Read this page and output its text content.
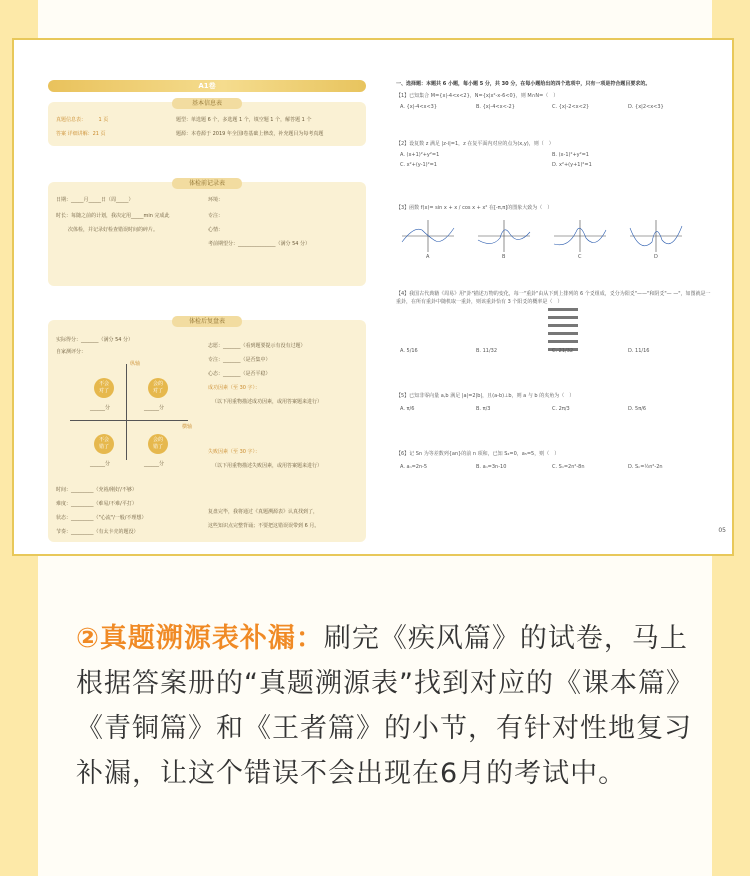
A1卷
基本信息表
真题信息表：　　　1 页	题型：单选题 6 个，多选题 1 个，填空题 1 个，解答题 1 个
答案 详细讲解：21 页	题源：本卷源于 2019 年全国Ⅰ卷基础上修改，补充题目为每考真题
体检前记录表
日期：_____月_____日（周_____）
时长：每随之前的计划，我决定用_____min 完成此
次体检，并记录好检查错误时间的碎片。
环境：
专注：
心情：
考前期望分：_______________（满分 54 分）
体检后复盘表
实际得分：_______（满分 54 分）
自家测评分：
纵轴
横轴
不会
对了
会的
对了
不会
错了
会的
错了
______分	______分
______分	______分
时间：_________（充裕/刚好/不够）
难度：_________（难易/不难/平打）
状态：_________（"心流"/一般/不理想）
节奏：_________（有太卡壳的题没）
志愿：_______（看到题要提示有没有过题）
专注：_______（是否集中）
心态：_______（是否平稳）
成功因素（至 30 字）：
（以下用重物描述成功因素，或用答案题来进行）
失败因素（至 30 字）：
（以下用重物描述失败因素，或用答案题来进行）
复盘完毕，我将通过《真题溯源表》认真找到了，
这些知识点完整背诵；不要把这错误误带到 6 月。
一、选择题：本题共 6 小题，每小题 5 分，共 30 分，在每小题给出的四个选项中，只有一项是符合题目要求的。
【1】已知集合 M={x|-4<x<2}，N={x|x²-x-6<0}，则 M∩N=（　）
A. {x|-4<x<3}	B. {x|-4<x<-2}	C. {x|-2<x<2}	D. {x|2<x<3}
【2】设复数 z 满足 |z-i|=1，z 在复平面内对应的点为(x,y)，则（　）
A. (x+1)²+y²=1	B. (x-1)²+y²=1
C. x²+(y-1)²=1	D. x²+(y+1)²=1
【3】函数 f(x)= sin x + x / cos x + x² 在[-π,π]的图象大致为（　）
A	B	C	D
【4】我国古代典籍《周易》用"卦"描述万物的变化，每一"重卦"由从下到上排列的 6 个爻组成，爻分为阳爻"——"和阴爻"— —"，如图就是一重卦，在所有重卦中随机取一重卦，则该重卦恰有 3 个阳爻的概率是（　）
A. 5/16	B. 11/32	C. 21/32	D. 11/16
【5】已知非零向量 a,b 满足 |a|=2|b|，且(a-b)⊥b，则 a 与 b 的夹角为（　）
A. π/6	B. π/3	C. 2π/3	D. 5π/6
【6】记 Sn 为等差数列{an}的前 n 项和，已知 S₄=0，a₅=5，则（　）
A. aₙ=2n-5	B. aₙ=3n-10	C. Sₙ=2n²-8n	D. Sₙ=½n²-2n
05
②真题溯源表补漏：刷完《疾风篇》的试卷，马上根据答案册的“真题溯源表”找到对应的《课本篇》《青铜篇》和《王者篇》的小节，有针对性地复习补漏，让这个错误不会出现在6月的考试中。
